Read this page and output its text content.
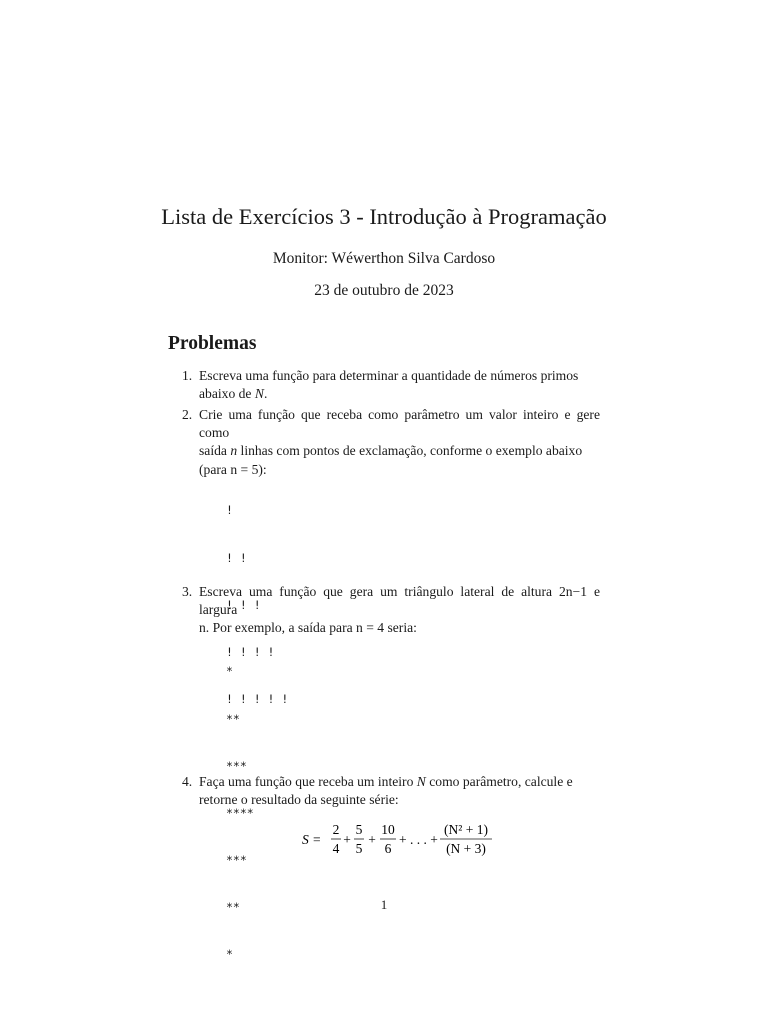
Lista de Exercícios 3 - Introdução à Programação
Monitor: Wéwerthon Silva Cardoso
23 de outubro de 2023
Problemas
1. Escreva uma função para determinar a quantidade de números primos
abaixo de N.
2. Crie uma função que receba como parâmetro um valor inteiro e gere como
saída n linhas com pontos de exclamação, conforme o exemplo abaixo
(para n = 5):

!

! !

! ! !

! ! ! !

! ! ! ! !

3. Escreva uma função que gera um triângulo lateral de altura 2n−1 e largura
n. Por exemplo, a saída para n = 4 seria:

*

**

***

****

***

**

*

4. Faça uma função que receba um inteiro N como parâmetro, calcule e
retorne o resultado da seguinte série:
S =
2
4
+
5
5
+
10
6
+ . . . +
(N² + 1)
(N + 3)
1
